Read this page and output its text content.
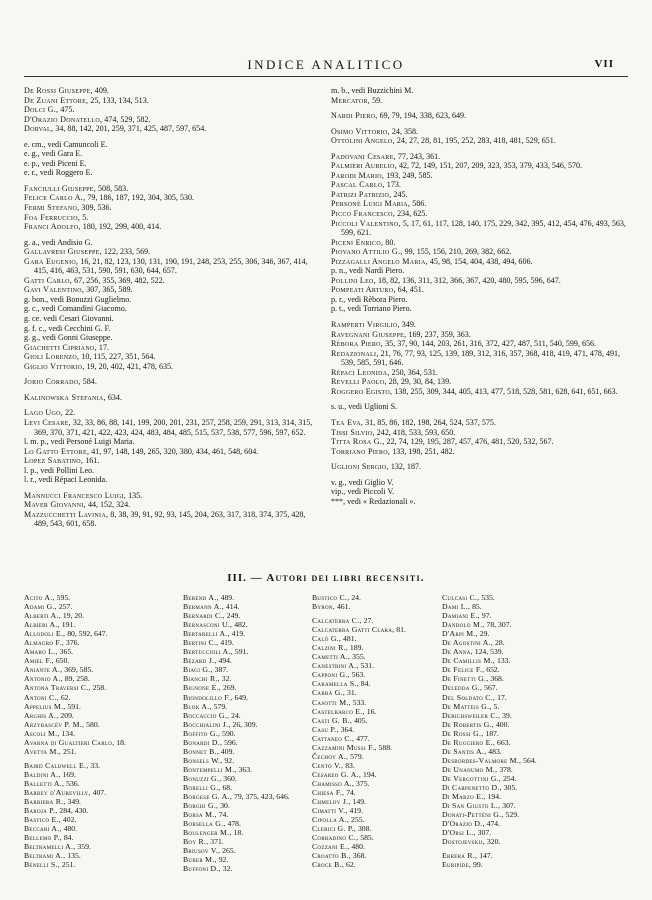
INDICE ANALITICO	VII
De Rossi Giuseppe, 409.
De Zuani Ettore, 25, 133, 134, 513.
Dolci G., 475.
D'Orazio Donatello, 474, 529, 582.
Dorval, 34, 88, 142, 201, 259, 371, 425, 487, 597, 654.
e. cm., vedi Camuncoli E.
e. g., vedi Gara E.
e. p., vedi Piceni E.
e. r., vedi Roggero E.
Fanciulli Giuseppe, 508, 583.
Felice Carlo A., 79, 186, 187, 192, 304, 305, 530.
Fermi Stefano, 309, 536.
Foa Ferruccio, 5.
Franci Adolfo, 180, 192, 299, 400, 414.
g. a., vedi Andisio G.
Gallavresi Giuseppe, 122, 233, 569.
Gara Eugenio, 16, 21, 82, 123, 130, 131, 190, 191, 248, 253, 255, 306, 346, 367, 414, 415, 416, 463, 531, 590, 591, 630, 644, 657.
Gatti Carlo, 67, 256, 355, 369, 482, 522.
Gavi Valentino, 307, 365, 589.
g. bon., vedi Bonuzzi Guglielmo.
g. c., vedi Comandini Giacomo.
g. ce. vedi Cesari Giovanni.
g. f. c., vedi Cecchini G. F.
g. g., vedi Gonni Giuseppe.
Giachetti Cipriano, 17.
Gioli Lorenzo, 10, 115, 227, 351, 564.
Giglio Vittorio, 19, 20, 402, 421, 478, 635.
Jorio Corrado, 584.
Kalinowska Stefania, 634.
Lago Ugo, 22.
Levi Cesare, 32, 33, 86, 88, 141, 199, 200, 201, 231, 257, 258, 259, 291, 313, 314, 315, 369, 370, 371, 421, 422, 423, 424, 483, 484, 485, 515, 537, 538, 577, 596, 597, 652.
l. m. p., vedi Personé Luigi Maria.
Lo Gatto Ettore, 41, 97, 148, 149, 265, 320, 380, 434, 461, 548, 604.
Lopez Sabatino, 161.
l. p., vedi Pollini Leo.
l. r., vedi Répaci Leonida.
Mannucci Francesco Luigi, 135.
Maver Giovanni, 44, 152, 324.
Mazzucchetti Lavinia, 8, 38, 39, 91, 92, 93, 145, 204, 263, 317, 318, 374, 375, 428, 489, 543, 601, 658.
m. b., vedi Buzzichini M.
Mercator, 59.
Nardi Piero, 69, 79, 194, 338, 623, 649.
Osimo Vittorio, 24, 358.
Ottolini Angelo, 24, 27, 28, 81, 195, 252, 283, 418, 481, 529, 651.
Padovani Cesare, 77, 243, 361.
Palmieri Aurelio, 42, 72, 149, 151, 207, 209, 323, 353, 379, 433, 546, 570.
Parodi Mario, 193, 249, 585.
Pascal Carlo, 173.
Patrizi Patrizio, 245.
Personè Luigi Maria, 586.
Picco Francesco, 234, 625.
Piccoli Valentino, 5, 17, 61, 117, 128, 140, 175, 229, 342, 395, 412, 454, 476, 493, 563, 599, 621.
Piceni Enrico, 80.
Piovano Attilio G., 99, 155, 156, 210, 269, 382, 662.
Pizzagalli Angelo Maria, 45, 98, 154, 404, 438, 494, 606.
p. n., vedi Nardi Piero.
Pollini Leo, 18, 82, 136, 311, 312, 366, 367, 420, 480, 595, 596, 647.
Pompeati Arturo, 64, 451.
p. r., vedi Rèbora Piero.
p. t., vedi Torriano Piero.
Ramperti Virgilio, 349.
Ravegnani Giuseppe, 169, 237, 359, 363.
Rèbora Piero, 35, 37, 90, 144, 203, 261, 316, 372, 427, 487, 511, 540, 599, 656.
Redazionali, 21, 76, 77, 93, 125, 139, 189, 312, 316, 357, 368, 418, 419, 471, 478, 491, 539, 585, 591, 646.
Répaci Leonida, 250, 364, 531.
Revelli Paolo, 28, 29, 30, 84, 139.
Roggero Egisto, 138, 255, 309, 344, 405, 413, 477, 518, 528, 581, 628, 641, 651, 663.
s. u., vedi Uglioni S.
Tea Eva, 31, 85, 86, 182, 198, 264, 524, 537, 575.
Tissi Silvio, 242, 418, 533, 593, 650.
Titta Rosa G., 22, 74, 129, 195, 287, 457, 476, 481, 520, 532, 567.
Torriano Piero, 133, 198, 251, 482.
Uglioni Sergio, 132, 187.
v. g., vedi Giglio V.
vip., vedi Piccoli V.
***, vedi « Redazionali ».
III. — Autori dei libri recensiti.
Acito A., 595.
Adami G., 257.
Alberti A., 19, 20.
Albieri A., 191.
Allodoli E., 80, 592, 647.
Almagro F., 376.
Amaro L., 365.
Amiel F., 650.
Aniante A., 369, 585.
Antonio A., 89, 258.
Antona Traversi C., 258.
Antoni C., 62.
Appelius M., 591.
Arghis A., 209.
Arzybascëv P. M., 580.
Ascoli M., 134.
Avarna di Gualtieri Carlo, 18.
Avetta M., 251.
Baird Caldwell E., 33.
Baldini A., 169.
Balletti A., 536.
Barbey d'Aurevilly, 407.
Barbiera R., 349.
Baroja P., 284, 430.
Bastico E., 402.
Beccari A., 480.
Bellemo P., 84.
Beltramelli A., 359.
Beltrami A., 135.
Benelli S., 251.
Berend A., 489.
Bermann A., 414.
Bernardi C., 249.
Bernasconi U., 482.
Bertarelli A., 419.
Bertini C., 419.
Bertuccioli A., 591.
Bézard J., 494.
Biagi G., 387.
Bianchi R., 32.
Bignone E., 269.
Biondolillo F., 649.
Blok A., 579.
Boccaccio G., 24.
Bocchialini J., 26, 309.
Boffito G., 590.
Bonardi D., 596.
Bonnet B., 409.
Bonsels W., 92.
Bontempelli M., 363.
Bonuzzi G., 360.
Borelli G., 68.
Borgese G. A., 79, 375, 423, 646.
Borghi G., 30.
Borsa M., 74.
Borsella G., 478.
Boulenger M., 18.
Boy R., 371.
Briusov V., 265.
Buber M., 92.
Buffoni D., 32.
Bustico C., 24.
Byron, 461.
Calcaterra C., 27.
Calcaterra Gatti Clara, 81.
Calò G., 481.
Calzini R., 189.
Cametti A., 355.
Canestrini A., 531.
Capponi G., 563.
Caramella S., 84.
Carrà G., 31.
Casotti M., 533.
Castelbarco E., 16.
Casti G. B., 405.
Casu P., 364.
Cattaneo C., 477.
Cazzamini Mussi F., 588.
Čechov A., 579.
Cento V., 83.
Cesareo G. A., 194.
Chamisso A., 375.
Chiesa F., 74.
Chmelov J., 149.
Cimatti V., 419.
Cipolla A., 255.
Clerici G. P., 308.
Corradino C., 585.
Cozzani E., 480.
Croatto B., 368.
Croce B., 62.
Culcasi C., 535.
Dami L., 85.
Damiani E., 97.
Dandolo M., 78, 307.
D'Arpi M., 29.
De Agostini A., 28.
De Anna, 124, 539.
De Camillis M., 133.
De Felice F., 652.
De Finetti G., 368.
Deledda G., 567.
Del Soldato C., 17.
De Matteis G., 5.
Derichsweiler C., 39.
De Robertis G., 400.
De Rossi G., 187.
De Ruggiero E., 663.
De Santis A., 483.
Desbordes-Valmore M., 564.
De Unanumo M., 378.
De Vergottini G., 254.
Di Carpenetto D., 305.
Di Marzo E., 194.
Di San Giusto L., 307.
Donati-Pettèni G., 529.
D'Orazio D., 474.
D'Orsi L., 307.
Dostojevskij, 320.
Errera R., 147.
Euripide, 99.
